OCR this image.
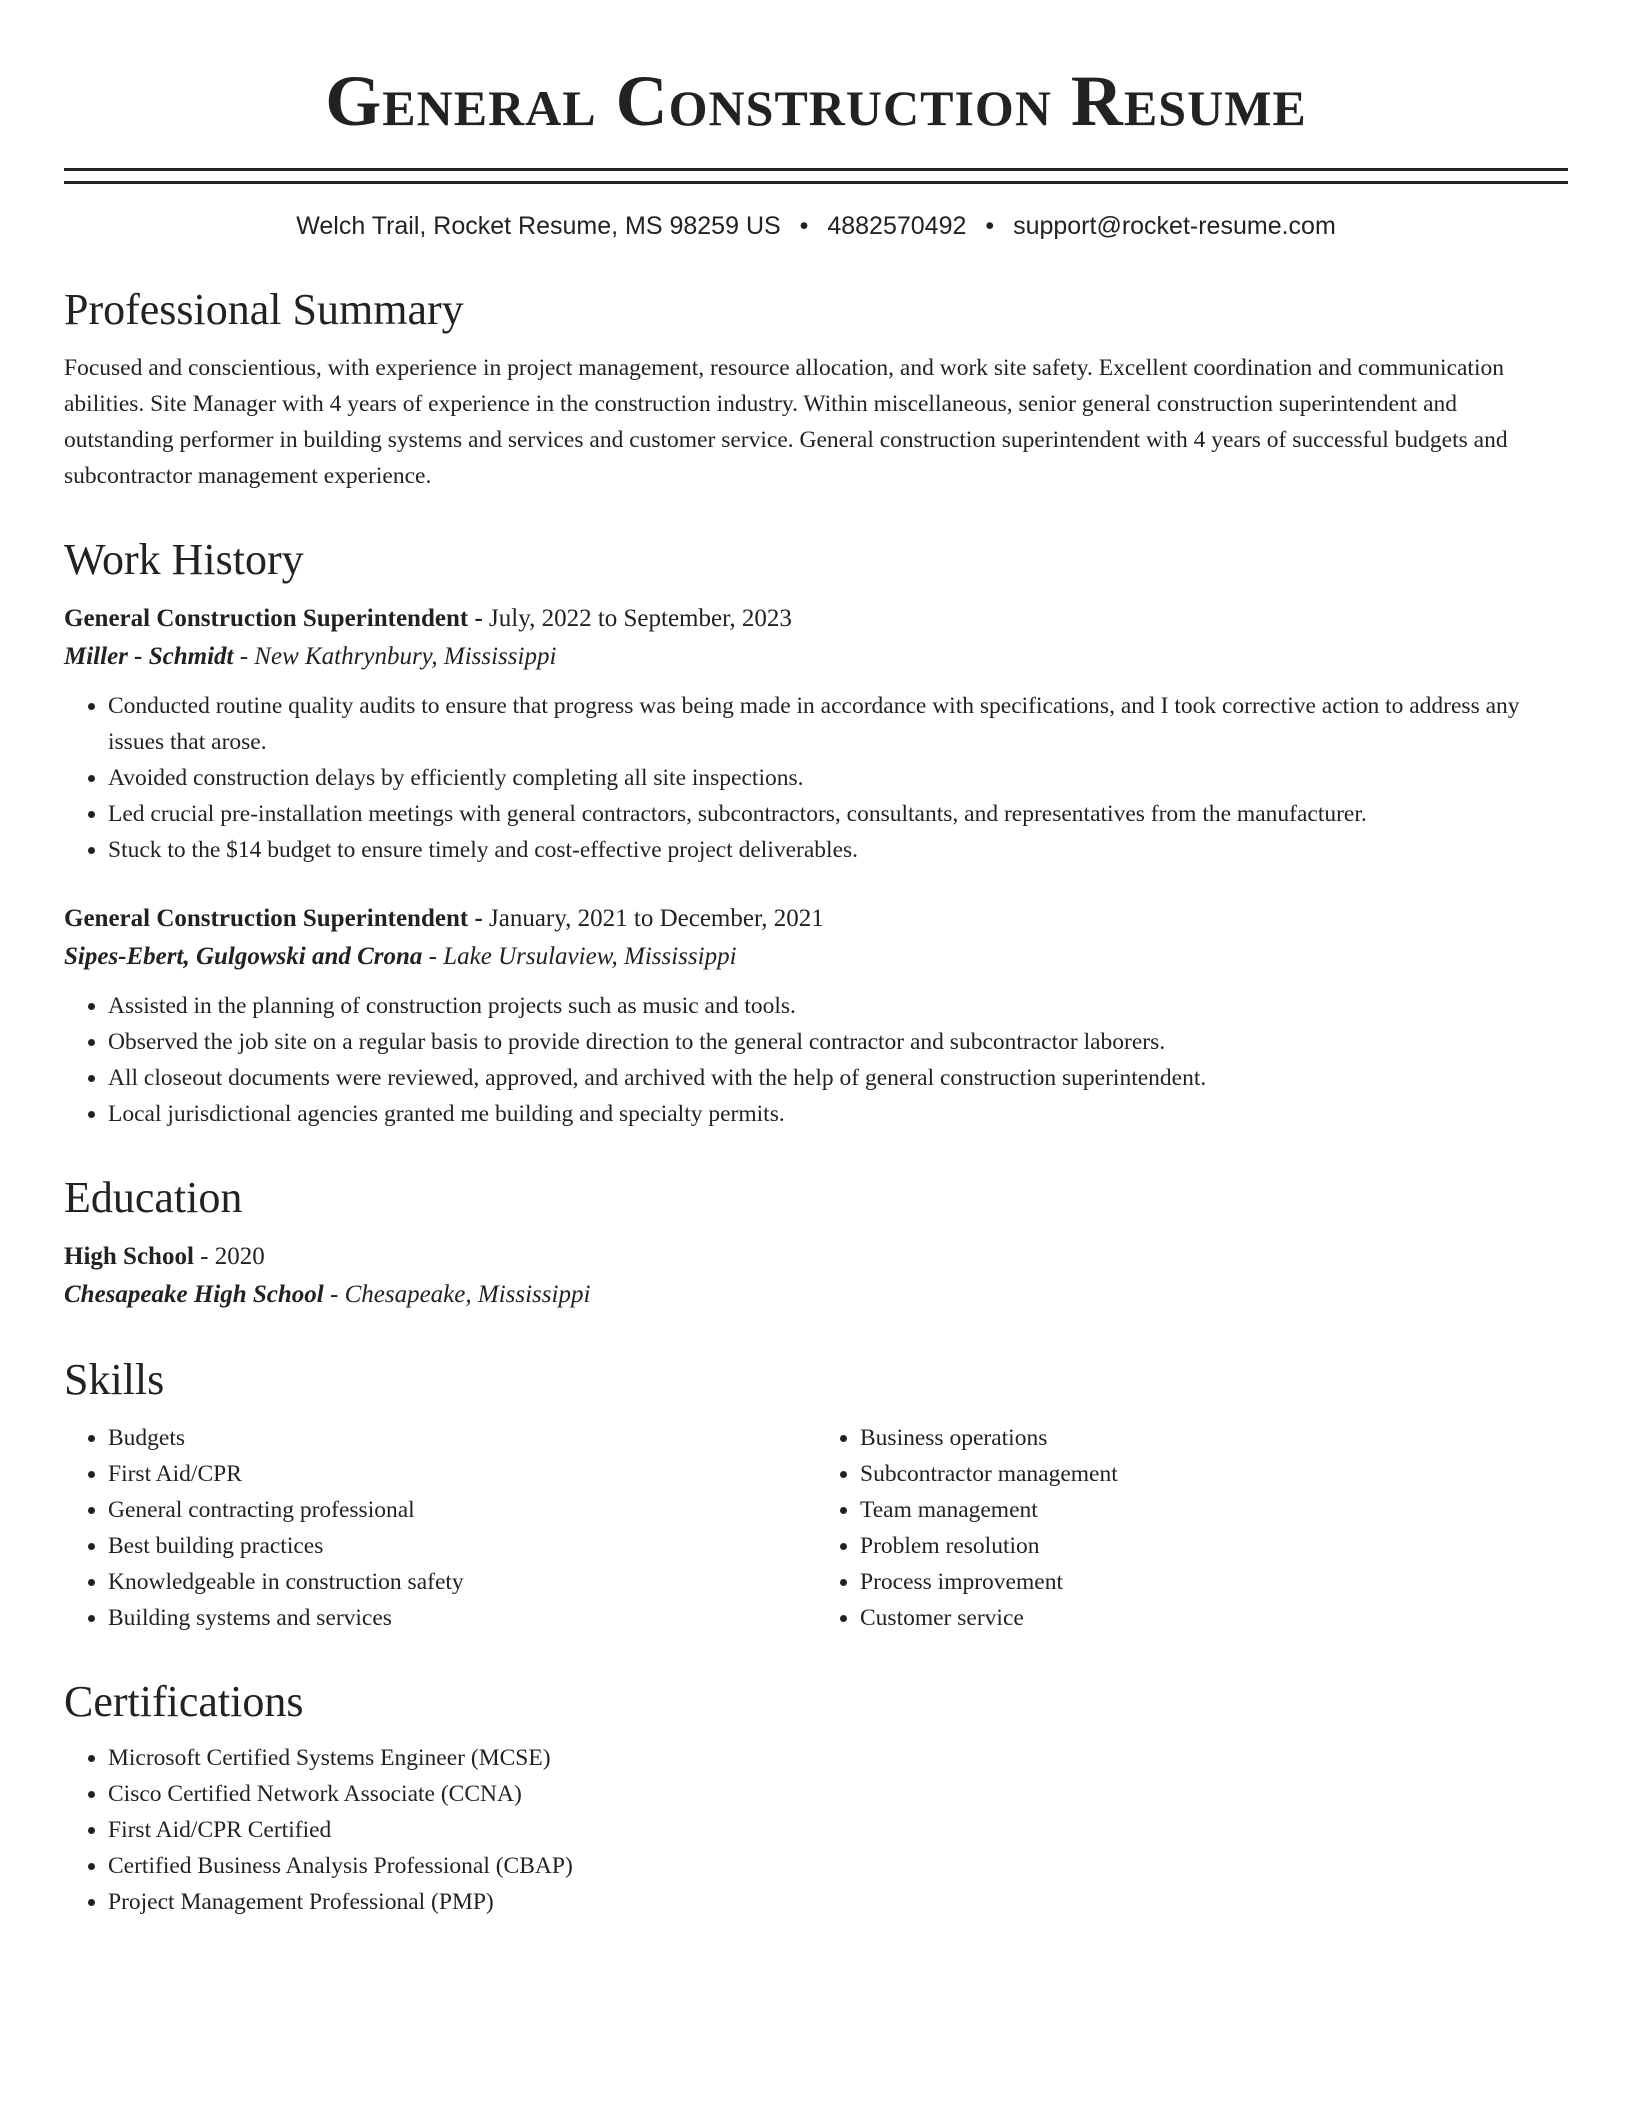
General Construction Resume
Welch Trail, Rocket Resume, MS 98259 US • 4882570492 • support@rocket-resume.com
Professional Summary

Focused and conscientious, with experience in project management, resource allocation, and work site safety. Excellent coordination and communication abilities. Site Manager with 4 years of experience in the construction industry. Within miscellaneous, senior general construction superintendent and outstanding performer in building systems and services and customer service. General construction superintendent with 4 years of successful budgets and subcontractor management experience.

Work History
General Construction Superintendent - July, 2022 to September, 2023
Miller - Schmidt - New Kathrynbury, Mississippi
• Conducted routine quality audits to ensure that progress was being made in accordance with specifications, and I took corrective action to address any issues that arose.
• Avoided construction delays by efficiently completing all site inspections.
• Led crucial pre-installation meetings with general contractors, subcontractors, consultants, and representatives from the manufacturer.
• Stuck to the $14 budget to ensure timely and cost-effective project deliverables.
General Construction Superintendent - January, 2021 to December, 2021
Sipes-Ebert, Gulgowski and Crona - Lake Ursulaview, Mississippi
• Assisted in the planning of construction projects such as music and tools.
• Observed the job site on a regular basis to provide direction to the general contractor and subcontractor laborers.
• All closeout documents were reviewed, approved, and archived with the help of general construction superintendent.
• Local jurisdictional agencies granted me building and specialty permits.
Education
High School - 2020
Chesapeake High School - Chesapeake, Mississippi
Skills
• Budgets
• First Aid/CPR
• General contracting professional
• Best building practices
• Knowledgeable in construction safety
• Building systems and services
• Business operations
• Subcontractor management
• Team management
• Problem resolution
• Process improvement
• Customer service
Certifications
• Microsoft Certified Systems Engineer (MCSE)
• Cisco Certified Network Associate (CCNA)
• First Aid/CPR Certified
• Certified Business Analysis Professional (CBAP)
• Project Management Professional (PMP)
